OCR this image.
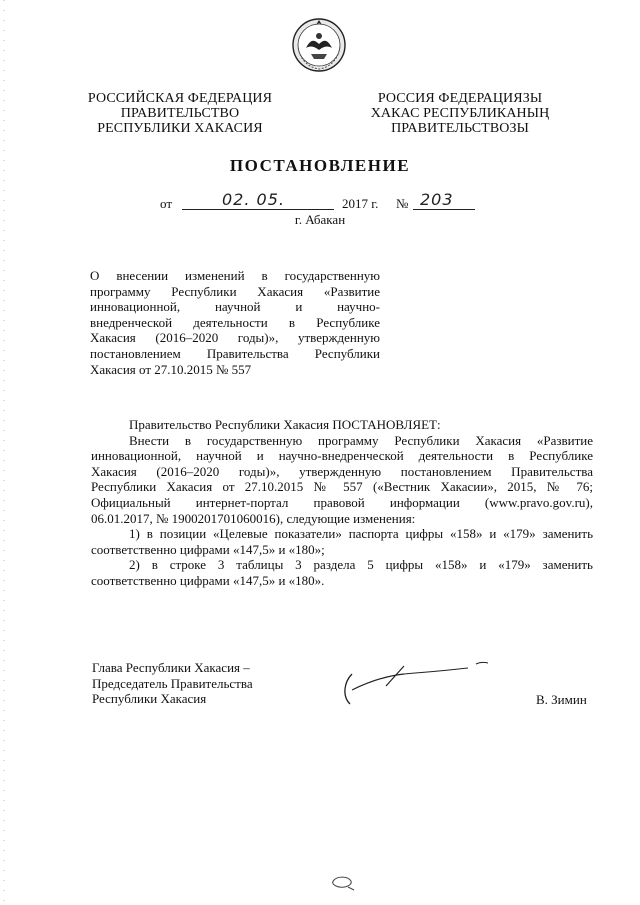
РОССИЙСКАЯ ФЕДЕРАЦИЯ
ПРАВИТЕЛЬСТВО
РЕСПУБЛИКИ ХАКАСИЯ
РОССИЯ ФЕДЕРАЦИЯЗЫ
ХАКАС РЕСПУБЛИКАНЫҢ
ПРАВИТЕЛЬСТВОЗЫ
ПОСТАНОВЛЕНИЕ
от	02. 05.	2017 г. № 203
г. Абакан
О внесении изменений в государственную
программу Республики Хакасия «Развитие
инновационной, научной и научно-
внедренческой деятельности в Республике
Хакасия (2016–2020 годы)», утвержденную
постановлением Правительства Республики
Хакасия от 27.10.2015 № 557
Правительство Республики Хакасия ПОСТАНОВЛЯЕТ:
Внести в государственную программу Республики Хакасия «Развитие
инновационной, научной и научно-внедренческой деятельности в Республике
Хакасия (2016–2020 годы)», утвержденную постановлением Правительства
Республики Хакасия от 27.10.2015 № 557 («Вестник Хакасии», 2015, № 76;
Официальный интернет-портал правовой информации (www.pravo.gov.ru),
06.01.2017, № 1900201701060016), следующие изменения:
1) в позиции «Целевые показатели» паспорта цифры «158» и «179» заменить
соответственно цифрами «147,5» и «180»;
2) в строке 3 таблицы 3 раздела 5 цифры «158» и «179» заменить
соответственно цифрами «147,5» и «180».
Глава Республики Хакасия –
Председатель Правительства
Республики Хакасия	В. Зимин
